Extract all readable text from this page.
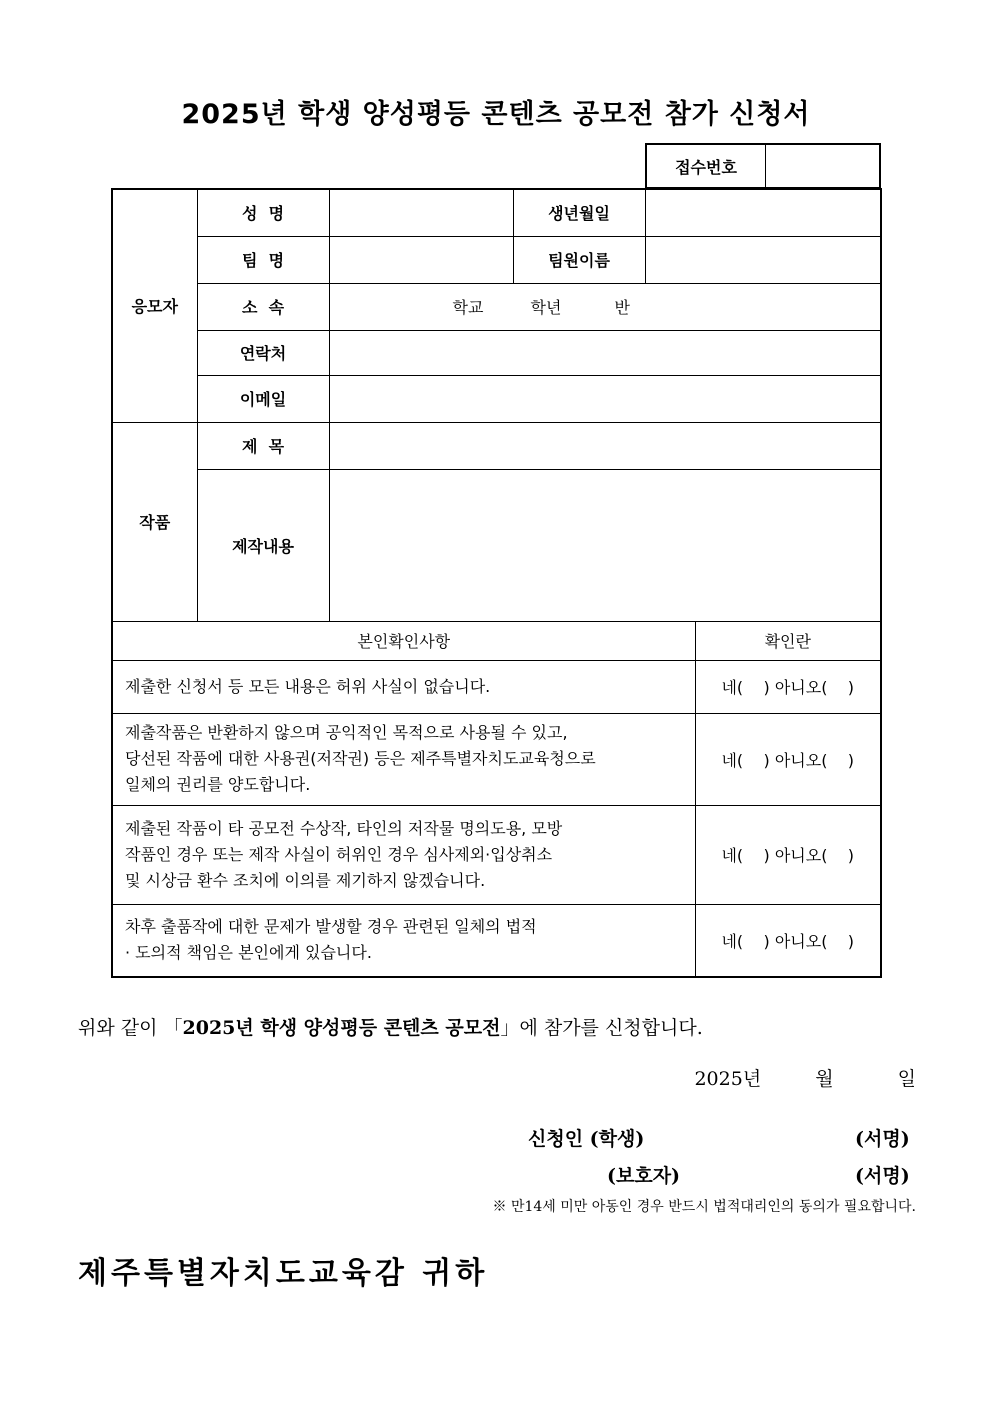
2025년 학생 양성평등 콘텐츠 공모전 참가 신청서
접수번호
응모자	성  명		생년월일		
	팀  명		팀원이름		
	소  속	학교 학년 반			
	연락처				
	이메일				
작품	제  목				
	제작내용				
본인확인사항					확인란

제출한 신청서 등 모든 내용은 허위 사실이 없습니다.					네(    ) 아니오(    )

제출작품은 반환하지 않으며 공익적인 목적으로 사용될 수 있고,
당선된 작품에 대한 사용권(저작권) 등은 제주특별자치도교육청으로
일체의 권리를 양도합니다.					네(    ) 아니오(    )

제출된 작품이 타 공모전 수상작, 타인의 저작물 명의도용, 모방
작품인 경우 또는 제작 사실이 허위인 경우 심사제외·입상취소
및 시상금 환수 조치에 이의를 제기하지 않겠습니다.					네(    ) 아니오(    )

차후 출품작에 대한 문제가 발생할 경우 관련된 일체의 법적
· 도의적 책임은 본인에게 있습니다.					네(    ) 아니오(    )
위와 같이 「2025년 학생 양성평등 콘텐츠 공모전」에 참가를 신청합니다.
2025년	월	일
신청인 (학생)	(서명)
(보호자)	(서명)
※ 만14세 미만 아동인 경우 반드시 법적대리인의 동의가 필요합니다.
제주특별자치도교육감 귀하
